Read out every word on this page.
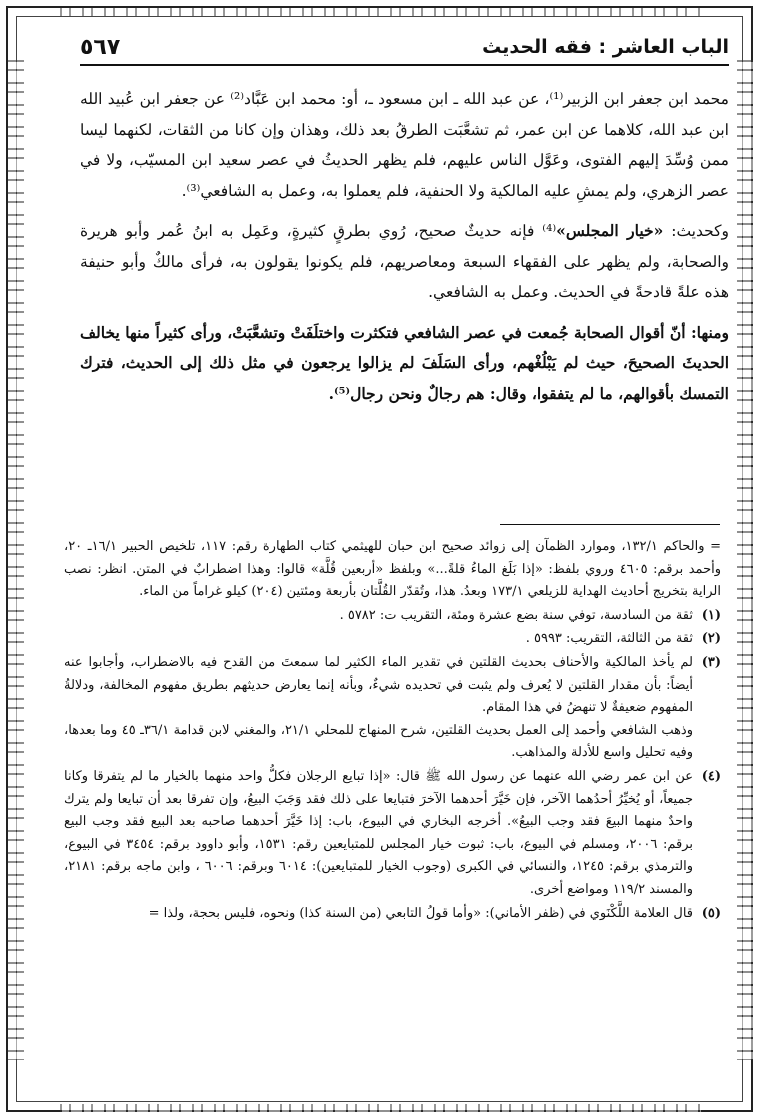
٥٦٧	الباب العاشر : فقه الحديث

محمد ابن جعفر ابن الزبير⁽¹⁾، عن عبد الله ـ ابن مسعود ـ، أو: محمد ابن عَبَّاد⁽²⁾ عن جعفر ابن عُبيد الله ابن عبد الله، كلاهما عن ابن عمر، ثم تشعَّبَت الطرقُ بعد ذلك، وهذان وإن كانا من الثقات، لكنهما ليسا ممن وُسِّدَ إليهم الفتوى، وعَوَّل الناس عليهم، فلم يظهر الحديثُ في عصر سعيد ابن المسيّب، ولا في عصر الزهري، ولم يمشِ عليه المالكية ولا الحنفية، فلم يعملوا به، وعمل به الشافعي⁽³⁾.

وكحديث: «خيار المجلس»⁽⁴⁾ فإنه حديثٌ صحيح، رُوي بطرقٍ كثيرةٍ، وعَمِل به ابنُ عُمر وأبو هريرة والصحابة، ولم يظهر على الفقهاء السبعة ومعاصريهم، فلم يكونوا يقولون به، فرأى مالكٌ وأبو حنيفة هذه علةً قادحةً في الحديث. وعمل به الشافعي.

ومنها: أنّ أقوال الصحابة جُمعت في عصر الشافعي فتكثرت واختلَفَتْ وتشعَّبَتْ، ورأى كثيراً منها يخالف الحديثَ الصحيحَ، حيث لم يَبْلُغْهم، ورأى السَلَفَ لم يزالوا يرجعون في مثل ذلك إلى الحديث، فترك التمسك بأقوالهم، ما لم يتفقوا، وقال: هم رجالٌ ونحن رجال⁽⁵⁾.

= والحاكم ١٣٢/١، وموارد الظمآن إلى زوائد صحيح ابن حبان للهيثمي كتاب الطهارة رقم: ١١٧، تلخيص الحبير ١٦/١ـ ٢٠، وأحمد برقم: ٤٦٠٥ وروي بلفظ: «إذا بَلَغ الماءُ قلةً...» وبلفظ «أربعين قُلَّة» قالوا: وهذا اضطرابٌ في المتن. انظر: نصب الراية بتخريج أحاديث الهداية للزيلعي ١٧٣/١ وبعدُ. هذا، وتُقدّر القُلَّتان بأربعة ومئتين (٢٠٤) كيلو غراماً من الماء.
(١)
ثقة من السادسة، توفي سنة بضع عشرة ومئة، التقريب ت: ٥٧٨٢ .
(٢)
ثقة من الثالثة، التقريب: ٥٩٩٣ .
(٣)

لم يأخذ المالكية والأحناف بحديث القلتين في تقدير الماء الكثير لما سمعتَ من القدح فيه بالاضطراب، وأجابوا عنه أيضاً: بأن مقدار القلتين لا يُعرف ولم يثبت في تحديده شيءٌ، وبأنه إنما يعارض حديثهم بطريق مفهوم المخالفة، ودلالةُ المفهوم ضعيفةٌ لا تنهضُ في هذا المقام.

وذهب الشافعي وأحمد إلى العمل بحديث القلتين، شرح المنهاج للمحلي ٢١/١، والمغني لابن قدامة ٣٦/١ـ ٤٥ وما بعدها، وفيه تحليل واسع للأدلة والمذاهب.

(٤)
عن ابن عمر رضي الله عنهما عن رسول الله ﷺ قال: «إذا تبايع الرجلان فكلُّ واحد منهما بالخيار ما لم يتفرقا وكانا جميعاً، أو يُخيِّرُ أحدُهما الآخر، فإن خَيَّرَ أحدهما الآخرَ فتبايعا على ذلك فقد وَجَبَ البيعُ، وإن تفرقا بعد أن تبايعا ولم يترك واحدٌ منهما البيعَ فقد وجب البيعُ». أخرجه البخاري في البيوع، باب: إذا خَيَّرَ أحدهما صاحبه بعد البيع فقد وجب البيع برقم: ٢٠٠٦، ومسلم في البيوع، باب: ثبوت خيار المجلس للمتبايعين رقم: ١٥٣١، وأبو داوود برقم: ٣٤٥٤ في البيوع، والترمذي برقم: ١٢٤٥، والنسائي في الكبرى (وجوب الخيار للمتبايعين): ٦٠١٤ وبرقم: ٦٠٠٦ ، وابن ماجه برقم: ٢١٨١، والمسند ١١٩/٢ ومواضع أخرى.
(٥)
قال العلامة اللَّكْنَوي في (ظفر الأماني): «وأما قولُ التابعي (من السنة كذا) ونحوه، فليس بحجة، ولذا =
